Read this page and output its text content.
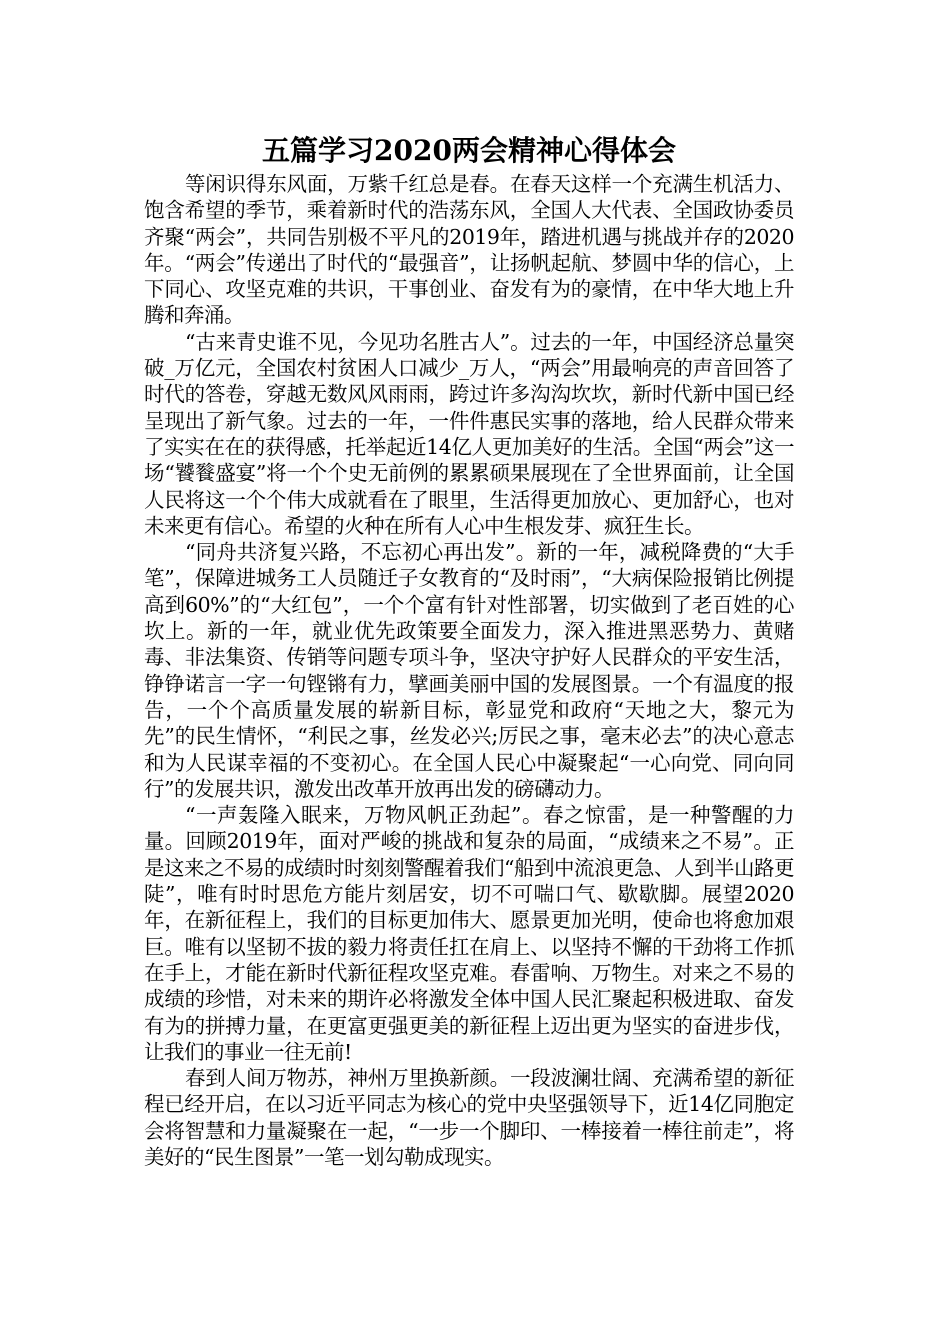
五篇学习2020两会精神心得体会

等闲识得东风面，万紫千红总是春。在春天这样一个充满生机活力、饱含希望的季节，乘着新时代的浩荡东风，全国人大代表、全国政协委员齐聚“两会”，共同告别极不平凡的2019年，踏进机遇与挑战并存的2020年。“两会”传递出了时代的“最强音”，让扬帆起航、梦圆中华的信心，上下同心、攻坚克难的共识，干事创业、奋发有为的豪情，在中华大地上升腾和奔涌。

“古来青史谁不见，今见功名胜古人”。过去的一年，中国经济总量突破_万亿元，全国农村贫困人口减少_万人，“两会”用最响亮的声音回答了时代的答卷，穿越无数风风雨雨，跨过许多沟沟坎坎，新时代新中国已经呈现出了新气象。过去的一年，一件件惠民实事的落地，给人民群众带来了实实在在的获得感，托举起近14亿人更加美好的生活。全国“两会”这一场“饕餮盛宴”将一个个史无前例的累累硕果展现在了全世界面前，让全国人民将这一个个伟大成就看在了眼里，生活得更加放心、更加舒心，也对未来更有信心。希望的火种在所有人心中生根发芽、疯狂生长。

“同舟共济复兴路，不忘初心再出发”。新的一年，减税降费的“大手笔”，保障进城务工人员随迁子女教育的“及时雨”，“大病保险报销比例提高到60%”的“大红包”，一个个富有针对性部署，切实做到了老百姓的心坎上。新的一年，就业优先政策要全面发力，深入推进黑恶势力、黄赌毒、非法集资、传销等问题专项斗争，坚决守护好人民群众的平安生活，铮铮诺言一字一句铿锵有力，擘画美丽中国的发展图景。一个有温度的报告，一个个高质量发展的崭新目标，彰显党和政府“天地之大，黎元为先”的民生情怀，“利民之事，丝发必兴;厉民之事，毫末必去”的决心意志和为人民谋幸福的不变初心。在全国人民心中凝聚起“一心向党、同向同行”的发展共识，激发出改革开放再出发的磅礴动力。

“一声轰隆入眠来，万物风帆正劲起”。春之惊雷，是一种警醒的力量。回顾2019年，面对严峻的挑战和复杂的局面，“成绩来之不易”。正是这来之不易的成绩时时刻刻警醒着我们“船到中流浪更急、人到半山路更陡”，唯有时时思危方能片刻居安，切不可喘口气、歇歇脚。展望2020年，在新征程上，我们的目标更加伟大、愿景更加光明，使命也将愈加艰巨。唯有以坚韧不拔的毅力将责任扛在肩上、以坚持不懈的干劲将工作抓在手上，才能在新时代新征程攻坚克难。春雷响、万物生。对来之不易的成绩的珍惜，对未来的期许必将激发全体中国人民汇聚起积极进取、奋发有为的拼搏力量，在更富更强更美的新征程上迈出更为坚实的奋进步伐，让我们的事业一往无前!

春到人间万物苏，神州万里换新颜。一段波澜壮阔、充满希望的新征程已经开启，在以习近平同志为核心的党中央坚强领导下，近14亿同胞定会将智慧和力量凝聚在一起，“一步一个脚印、一棒接着一棒往前走”，将美好的“民生图景”一笔一划勾勒成现实。
